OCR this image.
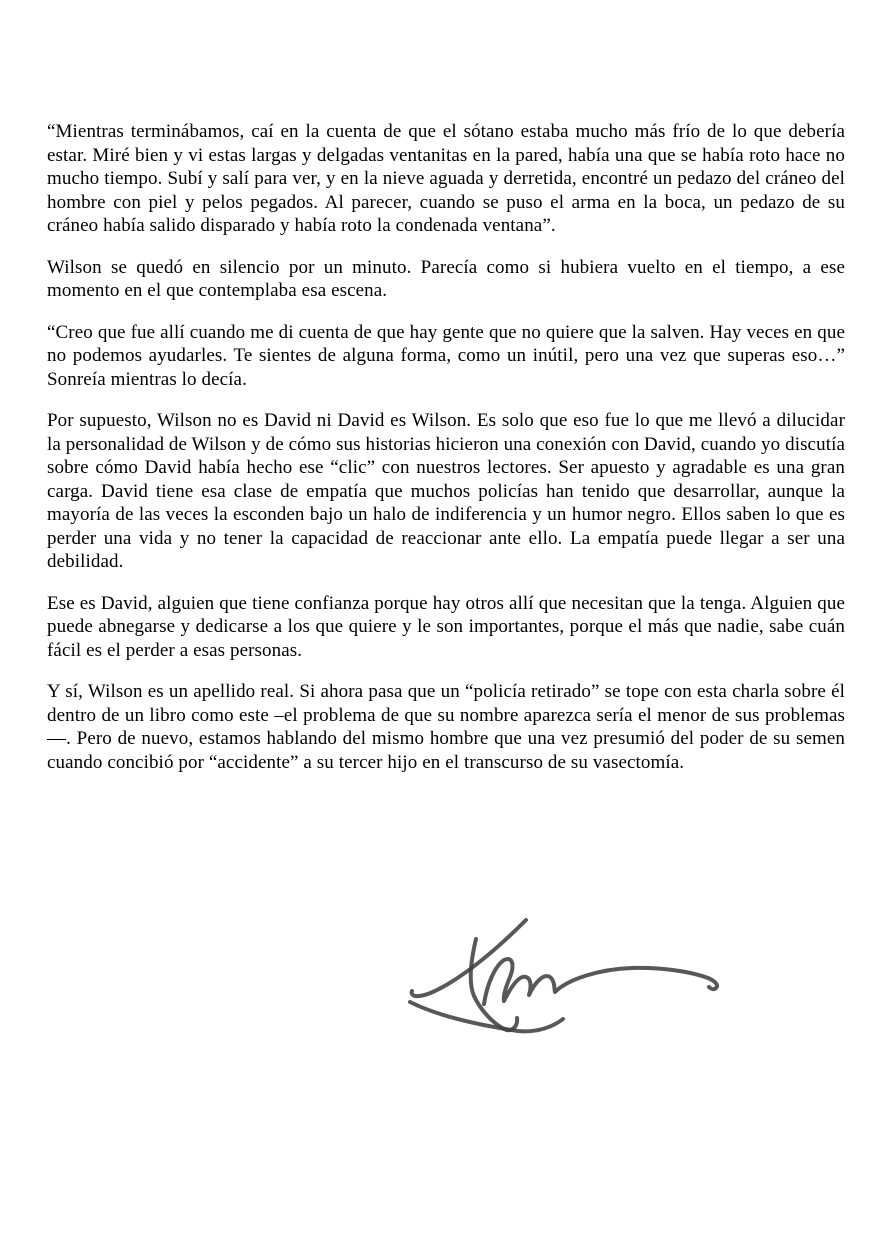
“Mientras terminábamos, caí en la cuenta de que el sótano estaba mucho más frío de lo que debería estar. Miré bien y vi estas largas y delgadas ventanitas en la pared, había una que se había roto hace no mucho tiempo. Subí y salí para ver, y en la nieve aguada y derretida, encontré un pedazo del cráneo del hombre con piel y pelos pegados. Al parecer, cuando se puso el arma en la boca, un pedazo de su cráneo había salido disparado y había roto la condenada ventana”.

Wilson se quedó en silencio por un minuto. Parecía como si hubiera vuelto en el tiempo, a ese momento en el que contemplaba esa escena.

“Creo que fue allí cuando me di cuenta de que hay gente que no quiere que la salven. Hay veces en que no podemos ayudarles. Te sientes de alguna forma, como un inútil, pero una vez que superas eso…” Sonreía mientras lo decía.

Por supuesto, Wilson no es David ni David es Wilson. Es solo que eso fue lo que me llevó a dilucidar la personalidad de Wilson y de cómo sus historias hicieron una conexión con David, cuando yo discutía sobre cómo David había hecho ese “clic” con nuestros lectores. Ser apuesto y agradable es una gran carga. David tiene esa clase de empatía que muchos policías han tenido que desarrollar, aunque la mayoría de las veces la esconden bajo un halo de indiferencia y un humor negro. Ellos saben lo que es perder una vida y no tener la capacidad de reaccionar ante ello. La empatía puede llegar a ser una debilidad.

Ese es David, alguien que tiene confianza porque hay otros allí que necesitan que la tenga. Alguien que puede abnegarse y dedicarse a los que quiere y le son importantes, porque el más que nadie, sabe cuán fácil es el perder a esas personas.

Y sí, Wilson es un apellido real. Si ahora pasa que un “policía retirado” se tope con esta charla sobre él dentro de un libro como este –el problema de que su nombre aparezca sería el menor de sus problemas—. Pero de nuevo, estamos hablando del mismo hombre que una vez presumió del poder de su semen cuando concibió por “accidente” a su tercer hijo en el transcurso de su vasectomía.
